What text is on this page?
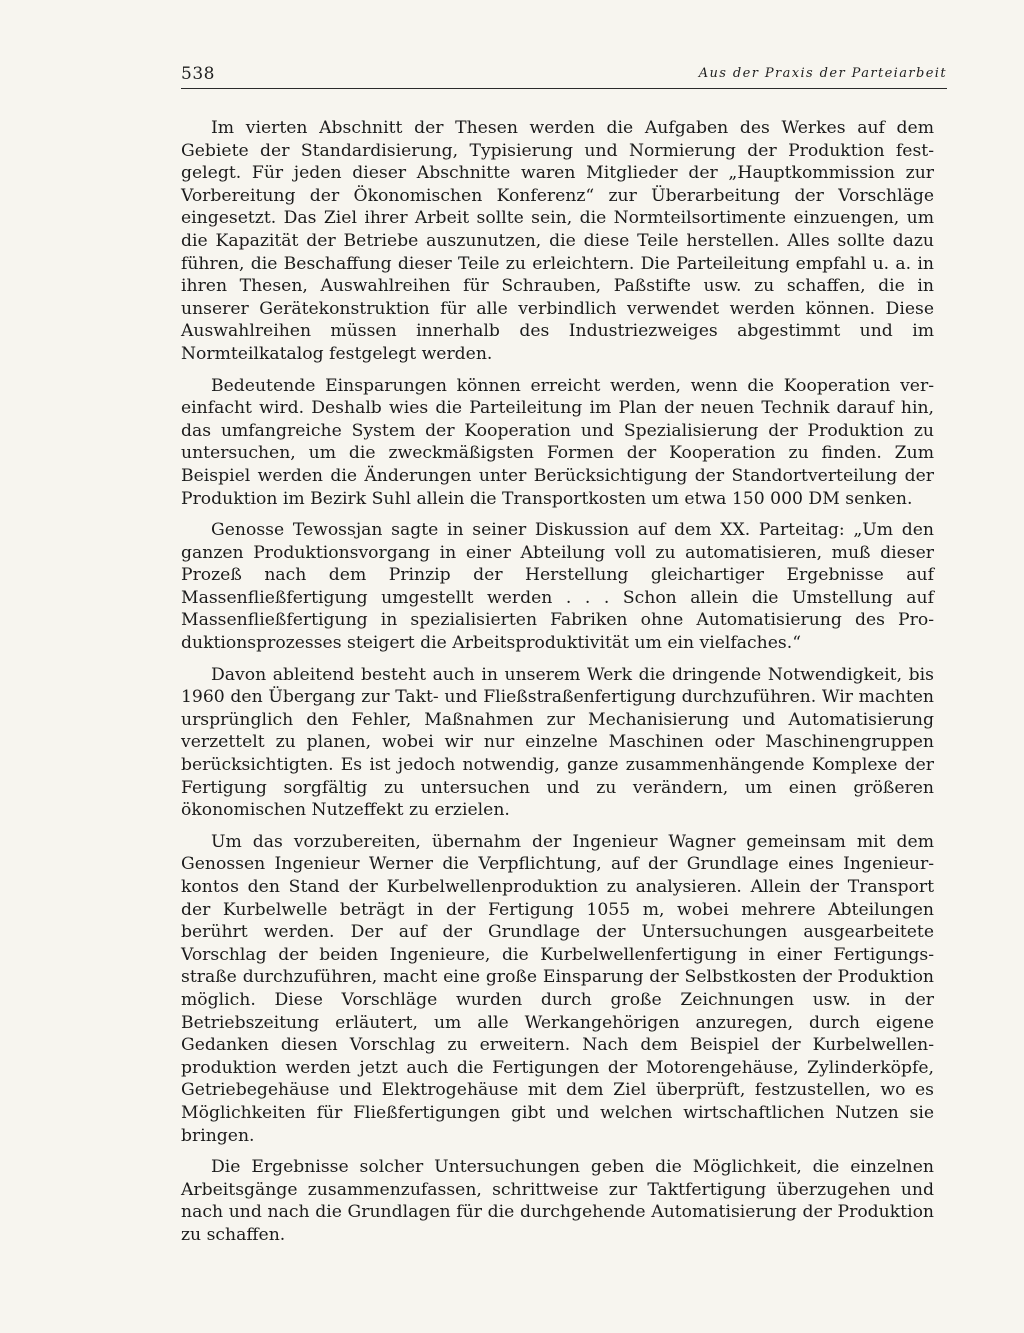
538	Aus der Praxis der Parteiarbeit

Im vierten Abschnitt der Thesen werden die Aufgaben des Werkes auf dem Gebiete der Standardisierung, Typisierung und Normierung der Produktion festgelegt. Für jeden dieser Abschnitte waren Mitglieder der „Hauptkommission zur Vorbereitung der Ökonomischen Konferenz“ zur Überarbeitung der Vorschläge eingesetzt. Das Ziel ihrer Arbeit sollte sein, die Normteilsortimente einzuengen, um die Kapazität der Betriebe auszunutzen, die diese Teile herstellen. Alles sollte dazu führen, die Beschaffung dieser Teile zu erleichtern. Die Parteileitung empfahl u. a. in ihren Thesen, Auswahlreihen für Schrauben, Paßstifte usw. zu schaffen, die in unserer Gerätekonstruktion für alle verbindlich verwendet werden können. Diese Auswahlreihen müssen innerhalb des Industriezweiges abgestimmt und im Normteilkatalog festgelegt werden.

Bedeutende Einsparungen können erreicht werden, wenn die Kooperation vereinfacht wird. Deshalb wies die Parteileitung im Plan der neuen Technik darauf hin, das umfangreiche System der Kooperation und Spezialisierung der Produktion zu untersuchen, um die zweckmäßigsten Formen der Kooperation zu finden. Zum Beispiel werden die Änderungen unter Berücksichtigung der Standortverteilung der Produktion im Bezirk Suhl allein die Transportkosten um etwa 150 000 DM senken.

Genosse Tewossjan sagte in seiner Diskussion auf dem XX. Parteitag: „Um den ganzen Produktionsvorgang in einer Abteilung voll zu automatisieren, muß dieser Prozeß nach dem Prinzip der Herstellung gleichartiger Ergebnisse auf Massenfließfertigung umgestellt werden . . . Schon allein die Umstellung auf Massenfließfertigung in spezialisierten Fabriken ohne Automatisierung des Produktionsprozesses steigert die Arbeitsproduktivität um ein vielfaches.“

Davon ableitend besteht auch in unserem Werk die dringende Notwendigkeit, bis 1960 den Übergang zur Takt- und Fließstraßenfertigung durchzuführen. Wir machten ursprünglich den Fehler, Maßnahmen zur Mechanisierung und Automatisierung verzettelt zu planen, wobei wir nur einzelne Maschinen oder Maschinengruppen berücksichtigten. Es ist jedoch notwendig, ganze zusammenhängende Komplexe der Fertigung sorgfältig zu untersuchen und zu verändern, um einen größeren ökonomischen Nutzeffekt zu erzielen.

Um das vorzubereiten, übernahm der Ingenieur Wagner gemeinsam mit dem Genossen Ingenieur Werner die Verpflichtung, auf der Grundlage eines Ingenieurkontos den Stand der Kurbelwellenproduktion zu analysieren. Allein der Transport der Kurbelwelle beträgt in der Fertigung 1055 m, wobei mehrere Abteilungen berührt werden. Der auf der Grundlage der Untersuchungen ausgearbeitete Vorschlag der beiden Ingenieure, die Kurbelwellenfertigung in einer Fertigungsstraße durchzuführen, macht eine große Einsparung der Selbstkosten der Produktion möglich. Diese Vorschläge wurden durch große Zeichnungen usw. in der Betriebszeitung erläutert, um alle Werkangehörigen anzuregen, durch eigene Gedanken diesen Vorschlag zu erweitern. Nach dem Beispiel der Kurbelwellenproduktion werden jetzt auch die Fertigungen der Motorengehäuse, Zylinderköpfe, Getriebegehäuse und Elektrogehäuse mit dem Ziel überprüft, festzustellen, wo es Möglichkeiten für Fließfertigungen gibt und welchen wirtschaftlichen Nutzen sie bringen.

Die Ergebnisse solcher Untersuchungen geben die Möglichkeit, die einzelnen Arbeitsgänge zusammenzufassen, schrittweise zur Taktfertigung überzugehen und nach und nach die Grundlagen für die durchgehende Automatisierung der Produktion zu schaffen.
